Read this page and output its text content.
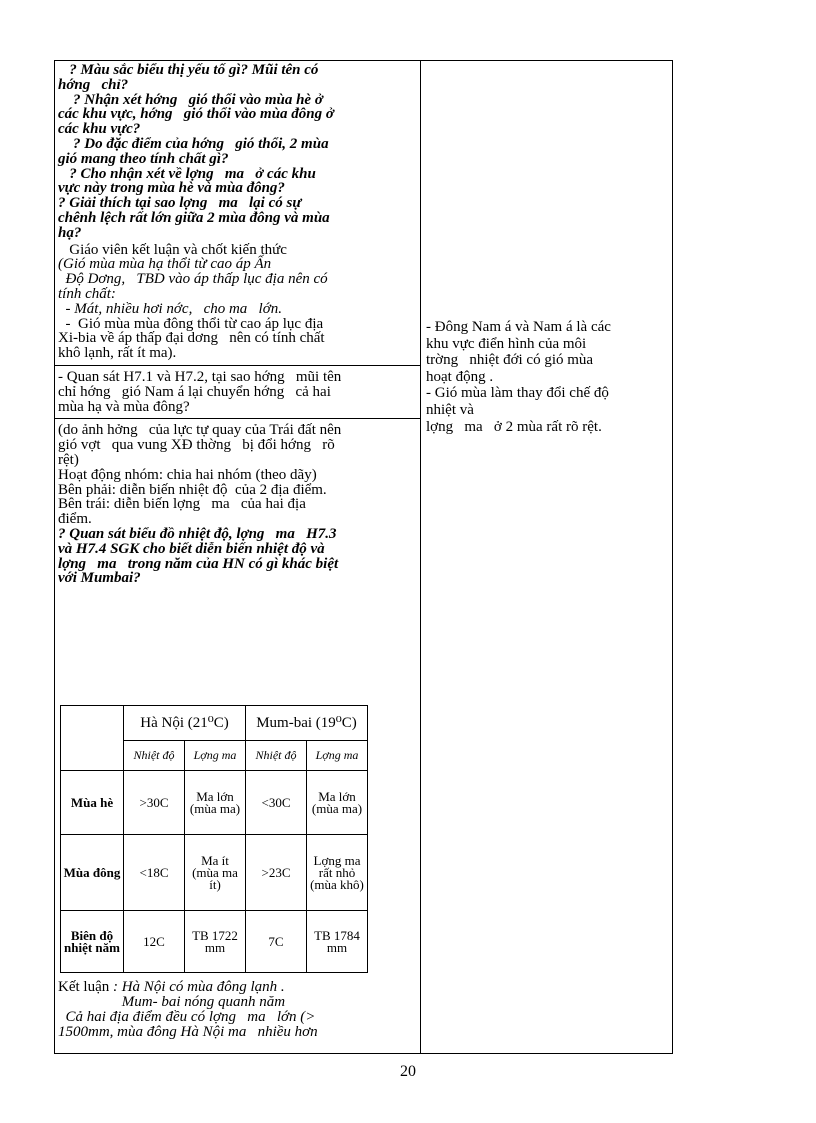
? Màu sắc biểu thị yếu tố gì? Mũi tên có
hớng   chỉ?
? Nhận xét hớng   gió thổi vào mùa hè ở
các khu vực, hớng   gió thổi vào mùa đông ở
các khu vực?
? Do đặc điểm của hớng   gió thổi, 2 mùa
gió mang theo tính chất gì?
? Cho nhận xét về lợng   ma   ở các khu
vực này trong mùa hè và mùa đông?
? Giải thích tại sao lợng   ma   lại có sự
chênh lệch rất lớn giữa 2 mùa đông và mùa
hạ?
Giáo viên kết luận và chốt kiến thức
(Gió mùa mùa hạ thổi từ cao áp Ấn
Độ Dơng,   TBD vào áp thấp lục địa nên có
tính chất:
- Mát, nhiều hơi nớc,   cho ma   lớn.
-  Gió mùa mùa đông thổi từ cao áp lục địa
Xi-bia về áp thấp đại dơng   nên có tính chất
khô lạnh, rất ít ma).
- Quan sát H7.1 và H7.2, tại sao hớng   mũi tên
chỉ hớng   gió Nam á lại chuyển hớng   cả hai
mùa hạ và mùa đông?
(do ảnh hởng   của lực tự quay của Trái đất nên
gió vợt   qua vung XĐ thờng   bị đổi hớng   rõ
rệt)
Hoạt động nhóm: chia hai nhóm (theo dãy)
Bên phải: diễn biến nhiệt độ  của 2 địa điểm.
Bên trái: diễn biến lợng   ma   của hai địa
điểm.
? Quan sát biểu đồ nhiệt độ, lợng   ma   H7.3
và H7.4 SGK cho biết diễn biến nhiệt độ và
lợng   ma   trong năm của HN có gì khác biệt
với Mumbai?
	Hà Nội (21⁰C)		Mum-bai (19⁰C)	
	Nhiệt độ	Lợng ma	Nhiệt độ	Lợng ma
Mùa hè	>30C	Ma lớn (mùa ma)	<30C	Ma lớn (mùa ma)
Mùa đông	<18C	Ma ít (mùa ma ít)	>23C	Lợng ma rất nhỏ (mùa khô)
Biên độ nhiệt năm	12C	TB 1722 mm	7C	TB 1784 mm
Kết luận : Hà Nội có mùa đông lạnh .
Mum- bai nóng quanh năm
Cả hai địa điểm đều có lợng   ma   lớn (>
1500mm, mùa đông Hà Nội ma   nhiều hơn
- Đông Nam á và Nam á là các
khu vực điển hình của môi
trờng   nhiệt đới có gió mùa
hoạt động .
- Gió mùa làm thay đổi chế độ
nhiệt và
lợng   ma   ở 2 mùa rất rõ rệt.
20
